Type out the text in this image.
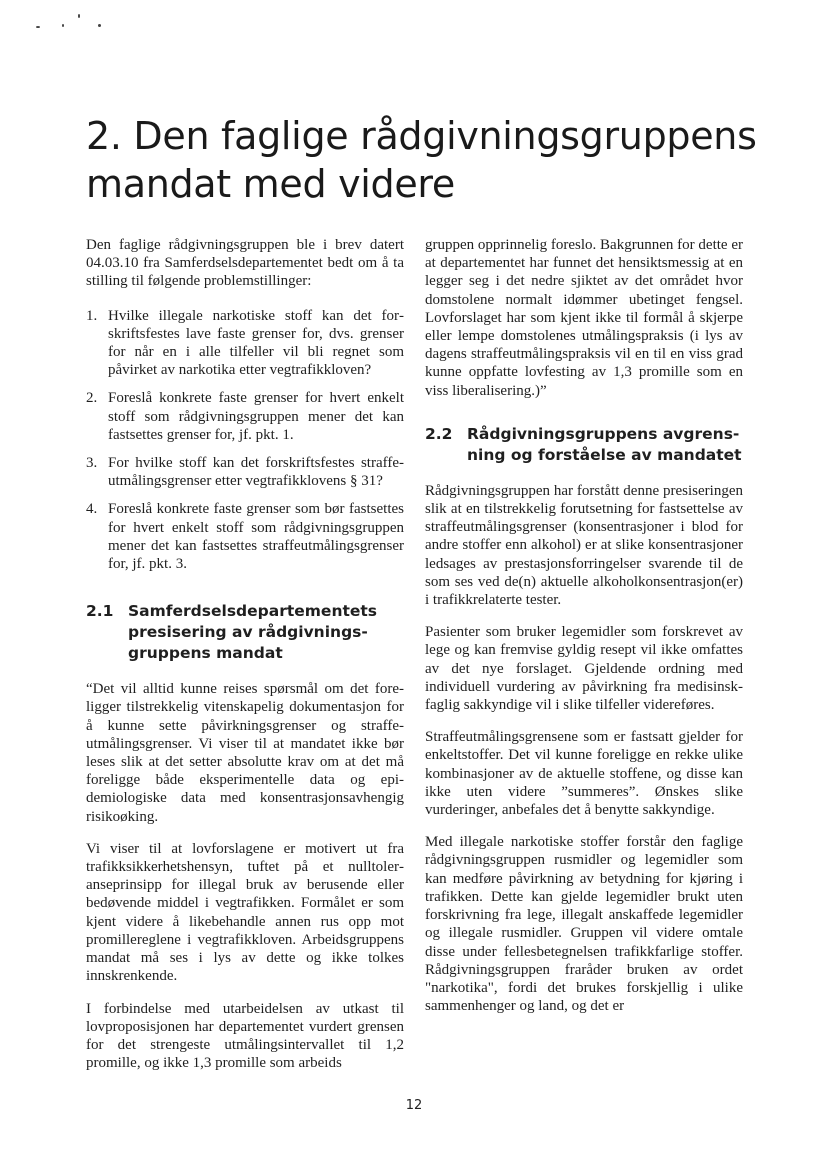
2. Den faglige rådgivningsgruppens
mandat med videre

Den faglige rådgivningsgruppen ble i brev datert 04.03.10 fra Samferdselsdepartementet bedt om å ta stilling til følgende problemstillinger:

1. Hvilke illegale narkotiske stoff kan det forskriftsfestes lave faste grenser for, dvs. grenser for når en i alle tilfeller vil bli regnet som påvirket av narkotika etter vegtrafikkloven?
2. Foreslå konkrete faste grenser for hvert enkelt stoff som rådgivningsgruppen mener det kan fastsettes grenser for, jf. pkt. 1.
3. For hvilke stoff kan det forskriftsfestes straffeutmålingsgrenser etter vegtrafikklovens § 31?
4. Foreslå konkrete faste grenser som bør fastsettes for hvert enkelt stoff som rådgivningsgruppen mener det kan fastsettes straffeutmålingsgrenser for, jf. pkt. 3.
2.1 Samferdselsdepartementets presisering av rådgivningsgruppens mandat

“Det vil alltid kunne reises spørsmål om det foreligger tilstrekkelig vitenskapelig dokumentasjon for å kunne sette påvirkningsgrenser og straffeutmålingsgrenser. Vi viser til at mandatet ikke bør leses slik at det setter absolutte krav om at det må foreligge både eksperimentelle data og epidemiologiske data med konsentrasjonsavhengig risikoøking.

Vi viser til at lovforslagene er motivert ut fra trafikksikkerhetshensyn, tuftet på et nulltoleranseprinsipp for illegal bruk av berusende eller bedøvende middel i vegtrafikken. Formålet er som kjent videre å likebehandle annen rus opp mot promillereglene i vegtrafikkloven. Arbeidsgruppens mandat må ses i lys av dette og ikke tolkes innskrenkende.

I forbindelse med utarbeidelsen av utkast til lovproposisjonen har departementet vurdert grensen for det strengeste utmålingsintervallet til 1,2 promille, og ikke 1,3 promille som arbeids

gruppen opprinnelig foreslo. Bakgrunnen for dette er at departementet har funnet det hensiktsmessig at en legger seg i det nedre sjiktet av det området hvor domstolene normalt idømmer ubetinget fengsel. Lovforslaget har som kjent ikke til formål å skjerpe eller lempe domstolenes utmålingspraksis (i lys av dagens straffeutmålingspraksis vil en til en viss grad kunne oppfatte lovfesting av 1,3 promille som en viss liberalisering.)”

2.2 Rådgivningsgruppens avgrensning og forståelse av mandatet

Rådgivningsgruppen har forstått denne presiseringen slik at en tilstrekkelig forutsetning for fastsettelse av straffeutmålingsgrenser (konsentrasjoner i blod for andre stoffer enn alkohol) er at slike konsentrasjoner ledsages av prestasjonsforringelser svarende til de som ses ved de(n) aktuelle alkoholkonsentrasjon(er) i trafikkrelaterte tester.

Pasienter som bruker legemidler som forskrevet av lege og kan fremvise gyldig resept vil ikke omfattes av det nye forslaget. Gjeldende ordning med individuell vurdering av påvirkning fra medisinskfaglig sakkyndige vil i slike tilfeller videreføres.

Straffeutmålingsgrensene som er fastsatt gjelder for enkeltstoffer. Det vil kunne foreligge en rekke ulike kombinasjoner av de aktuelle stoffene, og disse kan ikke uten videre ”summeres”. Ønskes slike vurderinger, anbefales det å benytte sakkyndige.

Med illegale narkotiske stoffer forstår den faglige rådgivningsgruppen rusmidler og legemidler som kan medføre påvirkning av betydning for kjøring i trafikken. Dette kan gjelde legemidler brukt uten forskrivning fra lege, illegalt anskaffede legemidler og illegale rusmidler. Gruppen vil videre omtale disse under fellesbetegnelsen trafikkfarlige stoffer. Rådgivningsgruppen fraråder bruken av ordet "narkotika", fordi det brukes forskjellig i ulike sammenhenger og land, og det er

12
